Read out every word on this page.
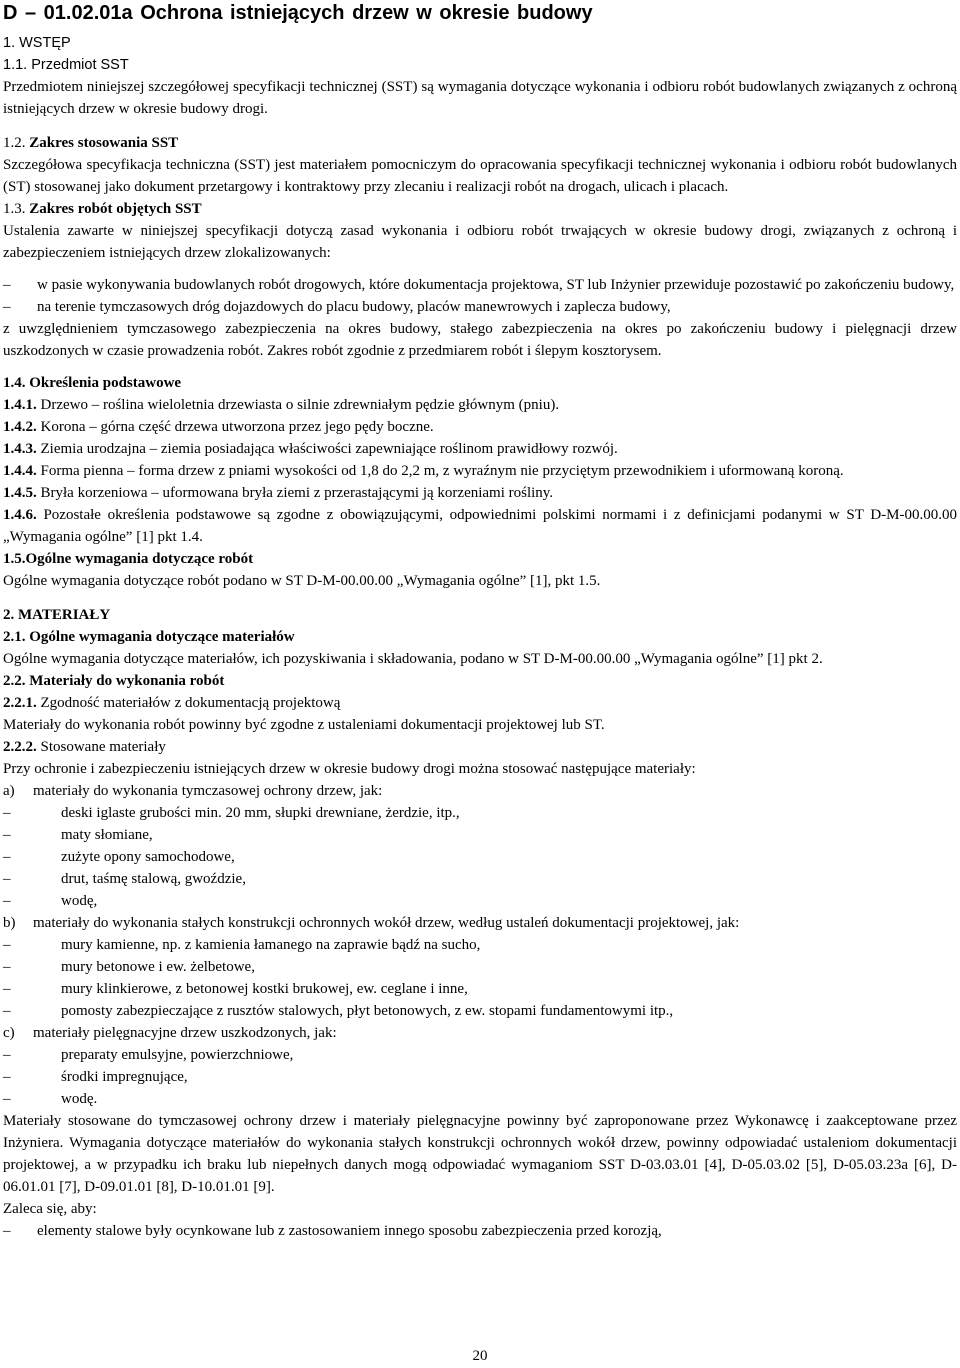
D – 01.02.01a Ochrona istniejących drzew w okresie budowy

1. WSTĘP

1.1. Przedmiot SST

Przedmiotem niniejszej szczegółowej specyfikacji technicznej (SST) są wymagania dotyczące wykonania i odbioru robót budowlanych związanych z ochroną istniejących drzew w okresie budowy drogi.

1.2. Zakres stosowania SST

Szczegółowa specyfikacja techniczna (SST) jest materiałem pomocniczym do opracowania specyfikacji technicznej wykonania i odbioru robót budowlanych (ST) stosowanej jako dokument przetargowy i kontraktowy przy zlecaniu i realizacji robót na drogach, ulicach i placach.

1.3. Zakres robót objętych SST

Ustalenia zawarte w niniejszej specyfikacji dotyczą zasad wykonania i odbioru robót trwających w okresie budowy drogi, związanych z ochroną i zabezpieczeniem istniejących drzew zlokalizowanych:

–	w pasie wykonywania budowlanych robót drogowych, które dokumentacja projektowa, ST lub Inżynier przewiduje pozostawić po zakończeniu budowy,
–	na terenie tymczasowych dróg dojazdowych do placu budowy, placów manewrowych i zaplecza budowy,

z uwzględnieniem tymczasowego zabezpieczenia na okres budowy, stałego zabezpieczenia na okres po zakończeniu budowy i pielęgnacji drzew uszkodzonych w czasie prowadzenia robót. Zakres robót zgodnie z przedmiarem robót i ślepym kosztorysem.

1.4. Określenia podstawowe

1.4.1. Drzewo – roślina wieloletnia drzewiasta o silnie zdrewniałym pędzie głównym (pniu).

1.4.2. Korona – górna część drzewa utworzona przez jego pędy boczne.

1.4.3. Ziemia urodzajna – ziemia posiadająca właściwości zapewniające roślinom prawidłowy rozwój.

1.4.4. Forma pienna – forma drzew z pniami wysokości od 1,8 do 2,2 m, z wyraźnym nie przyciętym przewodnikiem i uformowaną koroną.

1.4.5. Bryła korzeniowa – uformowana bryła ziemi z przerastającymi ją korzeniami rośliny.

1.4.6. Pozostałe określenia podstawowe są zgodne z obowiązującymi, odpowiednimi polskimi normami i z definicjami podanymi w ST D-M-00.00.00 „Wymagania ogólne” [1] pkt 1.4.

1.5.Ogólne wymagania dotyczące robót

Ogólne wymagania dotyczące robót podano w ST D-M-00.00.00 „Wymagania ogólne” [1], pkt 1.5.

2. MATERIAŁY

2.1. Ogólne wymagania dotyczące materiałów

Ogólne wymagania dotyczące materiałów, ich pozyskiwania i składowania, podano w ST D-M-00.00.00 „Wymagania ogólne” [1] pkt 2.

2.2. Materiały do wykonania robót

2.2.1. Zgodność materiałów z dokumentacją projektową

Materiały do wykonania robót powinny być zgodne z ustaleniami dokumentacji projektowej lub ST.

2.2.2. Stosowane materiały

Przy ochronie i zabezpieczeniu istniejących drzew w okresie budowy drogi można stosować następujące materiały:

a)	materiały do wykonania tymczasowej ochrony drzew, jak:
–	deski iglaste grubości min. 20 mm, słupki drewniane, żerdzie, itp.,
–	maty słomiane,
–	zużyte opony samochodowe,
–	drut, taśmę stalową, gwoździe,
–	wodę,
b)	materiały do wykonania stałych konstrukcji ochronnych wokół drzew, według ustaleń dokumentacji projektowej, jak:
–	mury kamienne, np. z kamienia łamanego na zaprawie bądź na sucho,
–	mury betonowe i ew. żelbetowe,
–	mury klinkierowe, z betonowej kostki brukowej, ew. ceglane i inne,
–	pomosty zabezpieczające z rusztów stalowych, płyt betonowych, z ew. stopami fundamentowymi itp.,
c)	materiały pielęgnacyjne drzew uszkodzonych, jak:
–	preparaty emulsyjne, powierzchniowe,
–	środki impregnujące,
–	wodę.

Materiały stosowane do tymczasowej ochrony drzew i materiały pielęgnacyjne powinny być zaproponowane przez Wykonawcę i zaakceptowane przez Inżyniera. Wymagania dotyczące materiałów do wykonania stałych konstrukcji ochronnych wokół drzew, powinny odpowiadać ustaleniom dokumentacji projektowej, a w przypadku ich braku lub niepełnych danych mogą odpowiadać wymaganiom SST D-03.03.01 [4], D-05.03.02 [5], D-05.03.23a [6], D-06.01.01 [7], D-09.01.01 [8], D-10.01.01 [9].

Zaleca się, aby:

–	elementy stalowe były ocynkowane lub z zastosowaniem innego sposobu zabezpieczenia przed korozją,
20
